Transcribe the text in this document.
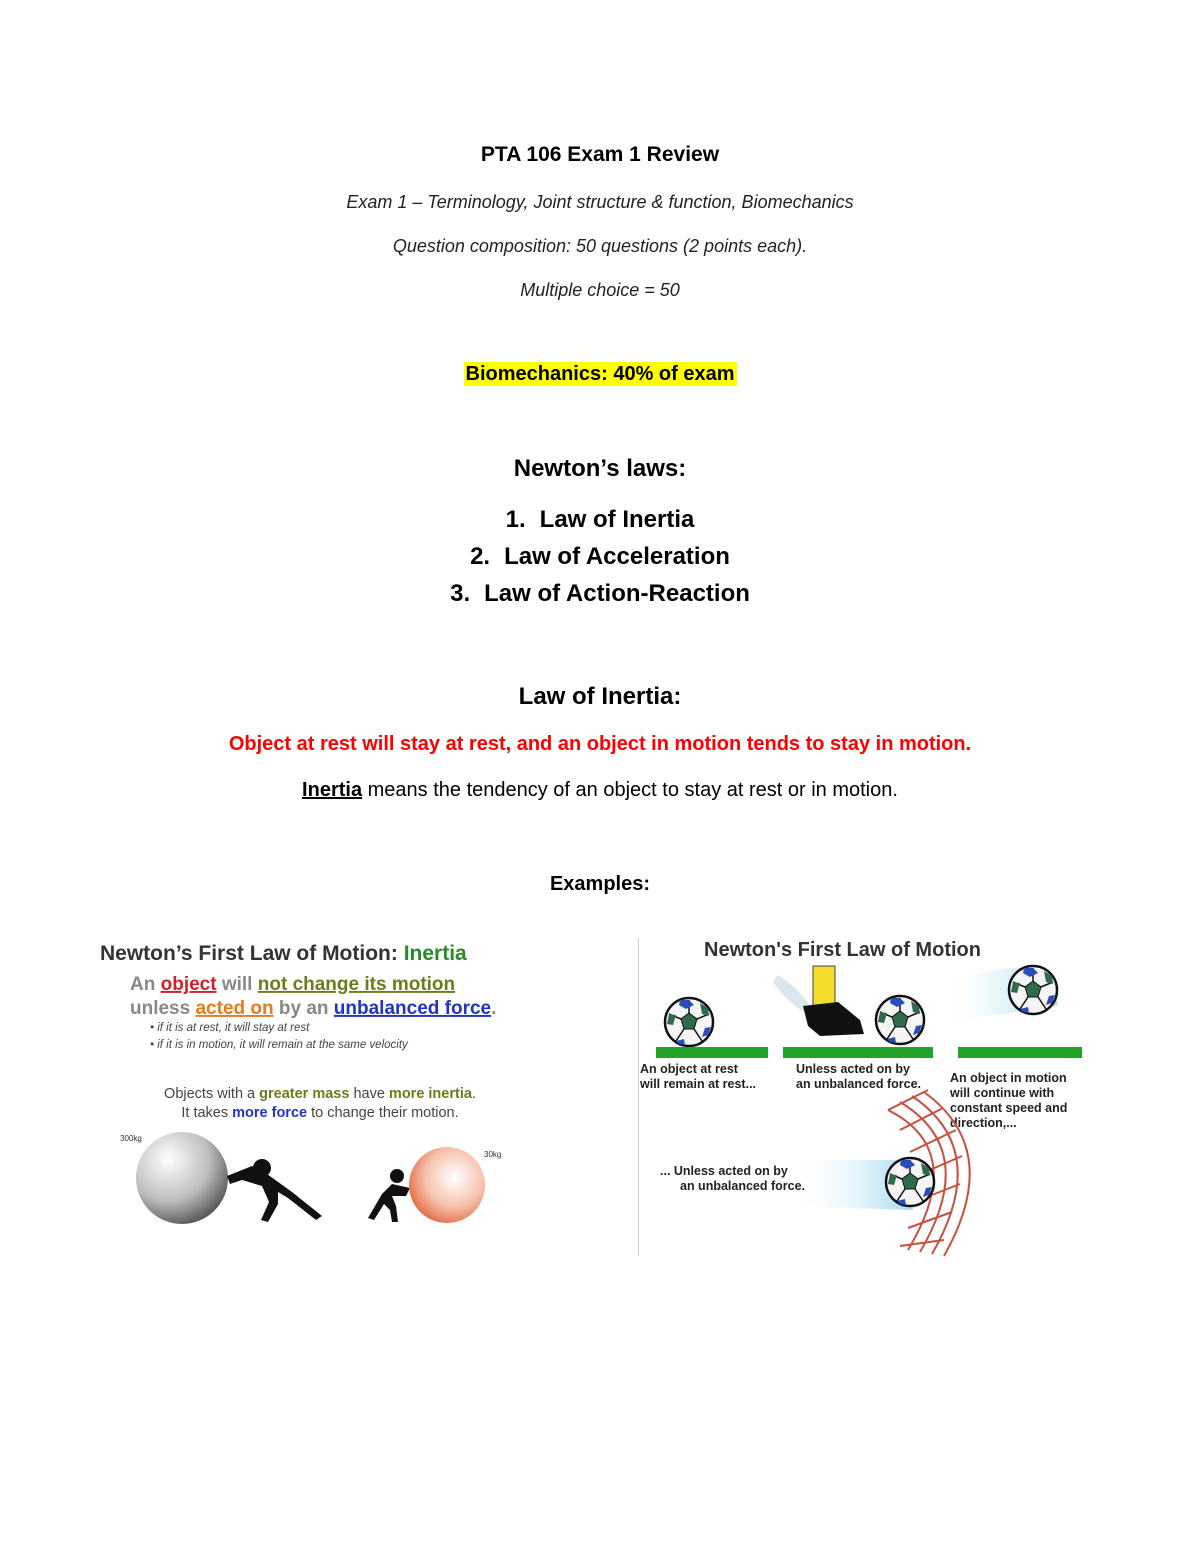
PTA 106 Exam 1 Review
Exam 1 – Terminology, Joint structure & function, Biomechanics
Question composition: 50 questions (2 points each).
Multiple choice = 50
Biomechanics: 40% of exam
Newton’s laws:
1. Law of Inertia
2. Law of Acceleration
3. Law of Action-Reaction
Law of Inertia:
Object at rest will stay at rest, and an object in motion tends to stay in motion.
Inertia means the tendency of an object to stay at rest or in motion.
Examples:
Newton’s First Law of Motion: Inertia
An object will not change its motion
unless acted on by an unbalanced force.
• if it is at rest, it will stay at rest
• if it is in motion, it will remain at the same velocity
Objects with a greater mass have more inertia.
It takes more force to change their motion.
300kg
30kg
Newton's First Law of Motion
An object at rest will remain at rest...
Unless acted on by an unbalanced force. An object in motion will continue with constant speed and direction,...
... Unless acted on by an unbalanced force.
